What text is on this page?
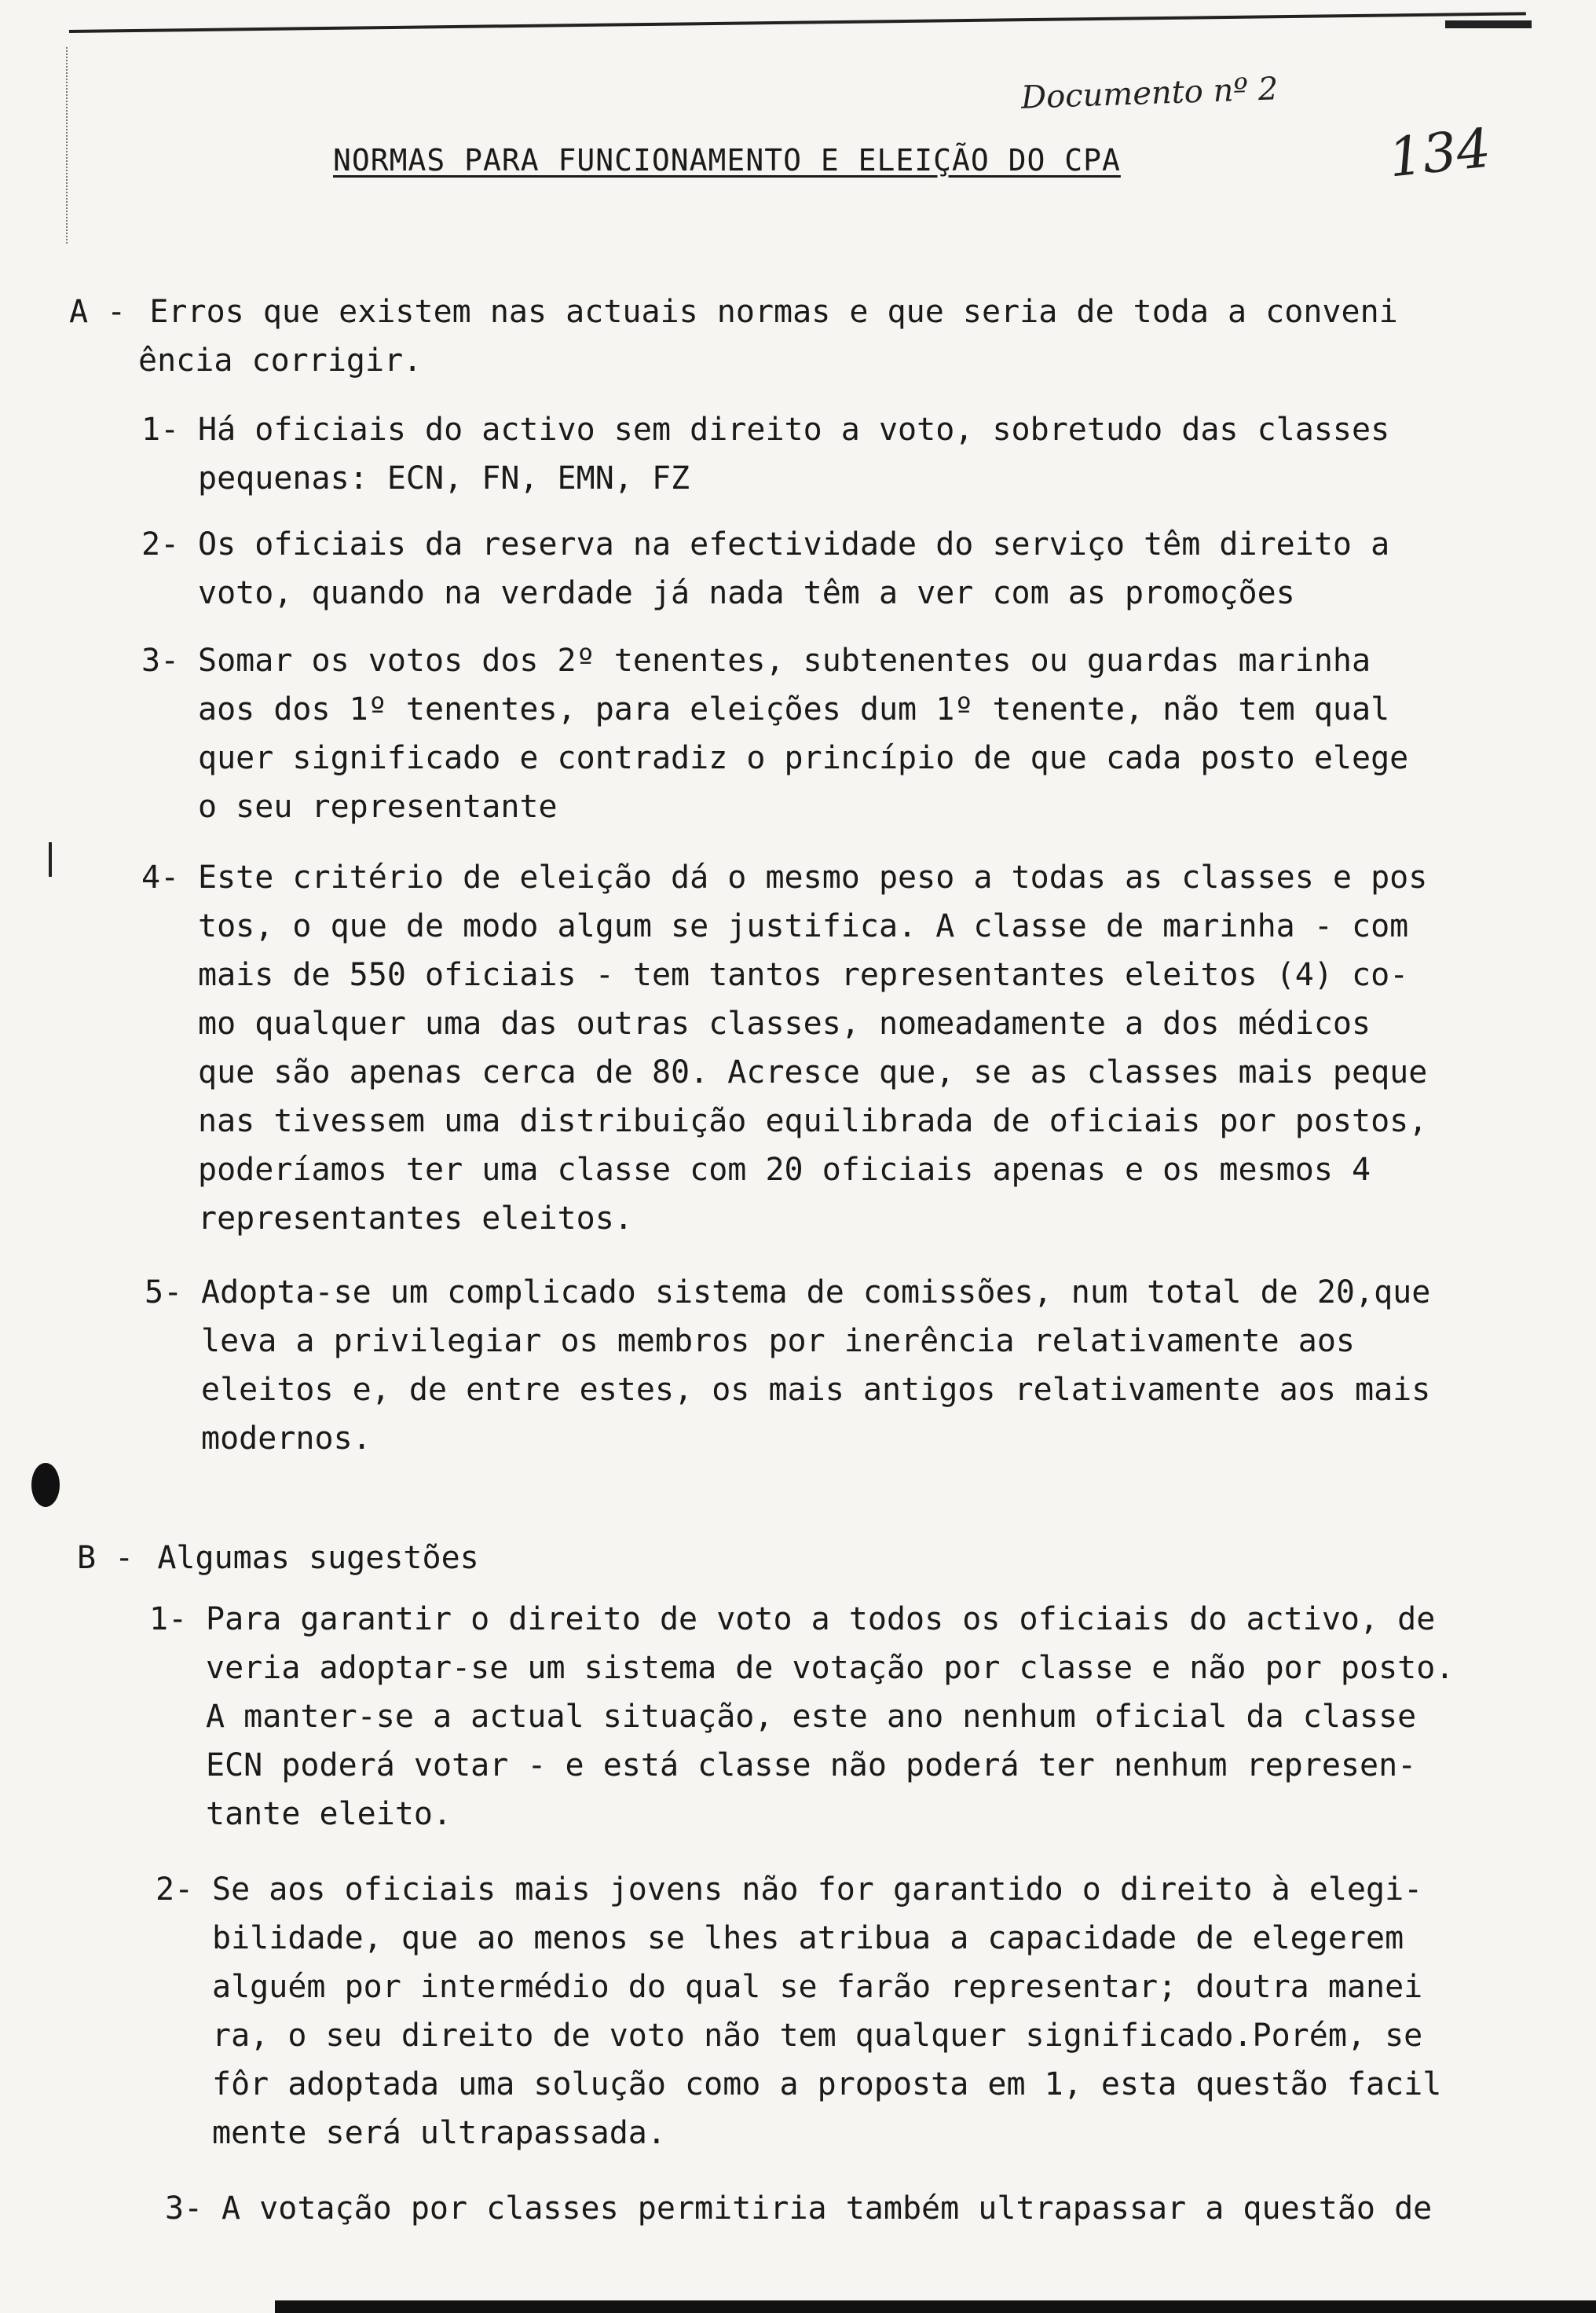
Documento nº 2
134
NORMAS PARA FUNCIONAMENTO E ELEIÇÃO DO CPA
A - Erros que existem nas actuais normas e que seria de toda a conveni
ência corrigir.
1- Há oficiais do activo sem direito a voto, sobretudo das classes
pequenas: ECN, FN, EMN, FZ
2- Os oficiais da reserva na efectividade do serviço têm direito a
voto, quando na verdade já nada têm a ver com as promoções
3- Somar os votos dos 2º tenentes, subtenentes ou guardas marinha
aos dos 1º tenentes, para eleições dum 1º tenente, não tem qual
quer significado e contradiz o princípio de que cada posto elege
o seu representante
4- Este critério de eleição dá o mesmo peso a todas as classes e pos
tos, o que de modo algum se justifica. A classe de marinha - com
mais de 550 oficiais - tem tantos representantes eleitos (4) co-
mo qualquer uma das outras classes, nomeadamente a dos médicos
que são apenas cerca de 80. Acresce que, se as classes mais peque
nas tivessem uma distribuição equilibrada de oficiais por postos,
poderíamos ter uma classe com 20 oficiais apenas e os mesmos 4
representantes eleitos.
5- Adopta-se um complicado sistema de comissões, num total de 20,que
leva a privilegiar os membros por inerência relativamente aos
eleitos e, de entre estes, os mais antigos relativamente aos mais
modernos.
B - Algumas sugestões
1- Para garantir o direito de voto a todos os oficiais do activo, de
veria adoptar-se um sistema de votação por classe e não por posto.
A manter-se a actual situação, este ano nenhum oficial da classe
ECN poderá votar - e está classe não poderá ter nenhum represen-
tante eleito.
2- Se aos oficiais mais jovens não for garantido o direito à elegi-
bilidade, que ao menos se lhes atribua a capacidade de elegerem
alguém por intermédio do qual se farão representar; doutra manei
ra, o seu direito de voto não tem qualquer significado.Porém, se
fôr adoptada uma solução como a proposta em 1, esta questão facil
mente será ultrapassada.
3- A votação por classes permitiria também ultrapassar a questão de
